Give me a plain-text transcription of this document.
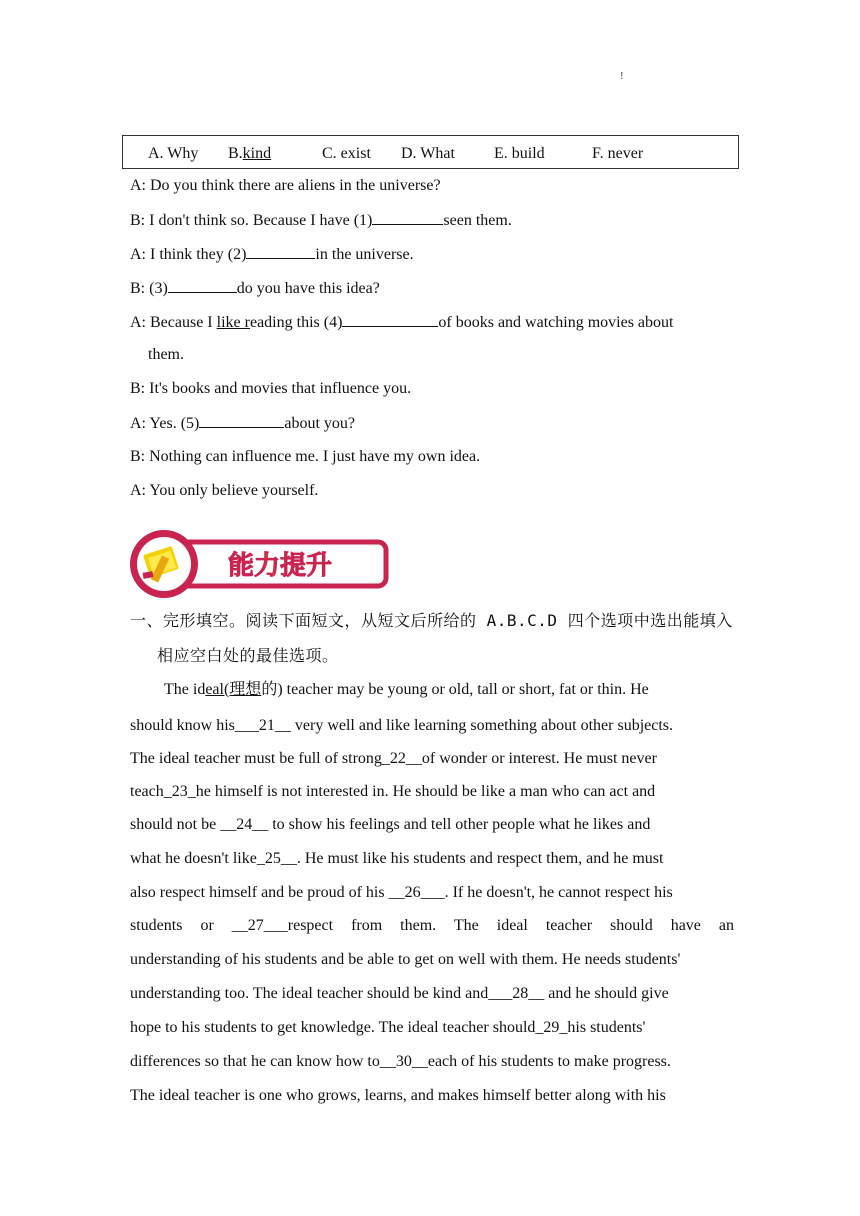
!
A. Why B.kind	C. exist D. What E. build	F. never
A: Do you think there are aliens in the universe?
B: I don't think so. Because I have (1)	seen them.
A: I think they (2)	in the universe.
B: (3)	do you have this idea?
A: Because I like reading this (4)	of books and watching movies about
them.
B: It's books and movies that influence you.
A: Yes. (5)	about you?
B: Nothing can influence me. I just have my own idea.
A: You only believe yourself.
能力提升
一、完形填空。阅读下面短文，从短文后所给的 A.B.C.D 四个选项中选出能填入
相应空白处的最佳选项。
The ideal(理想的) teacher may be young or old, tall or short, fat or thin. He
should know his___21__ very well and like learning something about other subjects.
The ideal teacher must be full of strong_22__of wonder or interest. He must never
teach_23_he himself is not interested in. He should be like a man who can act and
should not be __24__ to show his feelings and tell other people what he likes and
what he doesn't like_25__. He must like his students and respect them, and he must
also respect himself and be proud of his __26___. If he doesn't, he cannot respect his
students or __27___respect from them. The ideal teacher should have an
understanding of his students and be able to get on well with them. He needs students'
understanding too. The ideal teacher should be kind and___28__ and he should give
hope to his students to get knowledge. The ideal teacher should_29_his students'
differences so that he can know how to__30__each of his students to make progress.
The ideal teacher is one who grows, learns, and makes himself better along with his
